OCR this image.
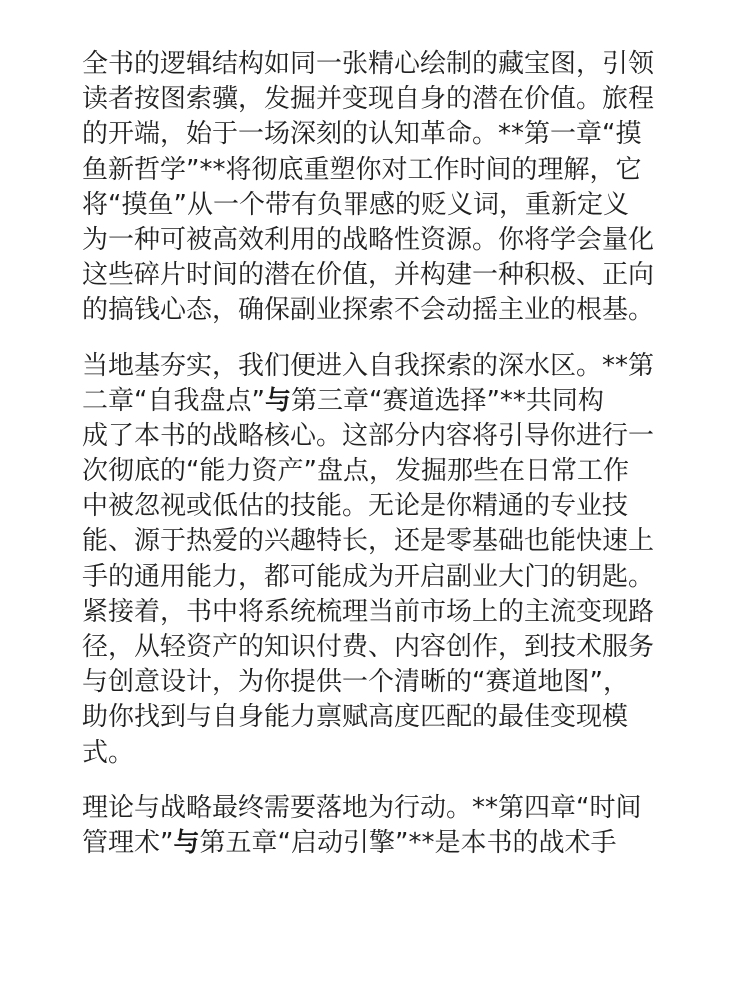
全书的逻辑结构如同一张精心绘制的藏宝图，引领
读者按图索骥，发掘并变现自身的潜在价值。旅程
的开端，始于一场深刻的认知革命。**第一章“摸
鱼新哲学”**将彻底重塑你对工作时间的理解，它
将“摸鱼”从一个带有负罪感的贬义词，重新定义
为一种可被高效利用的战略性资源。你将学会量化
这些碎片时间的潜在价值，并构建一种积极、正向
的搞钱心态，确保副业探索不会动摇主业的根基。
当地基夯实，我们便进入自我探索的深水区。**第
二章“自我盘点”与第三章“赛道选择”**共同构
成了本书的战略核心。这部分内容将引导你进行一
次彻底的“能力资产”盘点，发掘那些在日常工作
中被忽视或低估的技能。无论是你精通的专业技
能、源于热爱的兴趣特长，还是零基础也能快速上
手的通用能力，都可能成为开启副业大门的钥匙。
紧接着，书中将系统梳理当前市场上的主流变现路
径，从轻资产的知识付费、内容创作，到技术服务
与创意设计，为你提供一个清晰的“赛道地图”，
助你找到与自身能力禀赋高度匹配的最佳变现模
式。
理论与战略最终需要落地为行动。**第四章“时间
管理术”与第五章“启动引擎”**是本书的战术手
